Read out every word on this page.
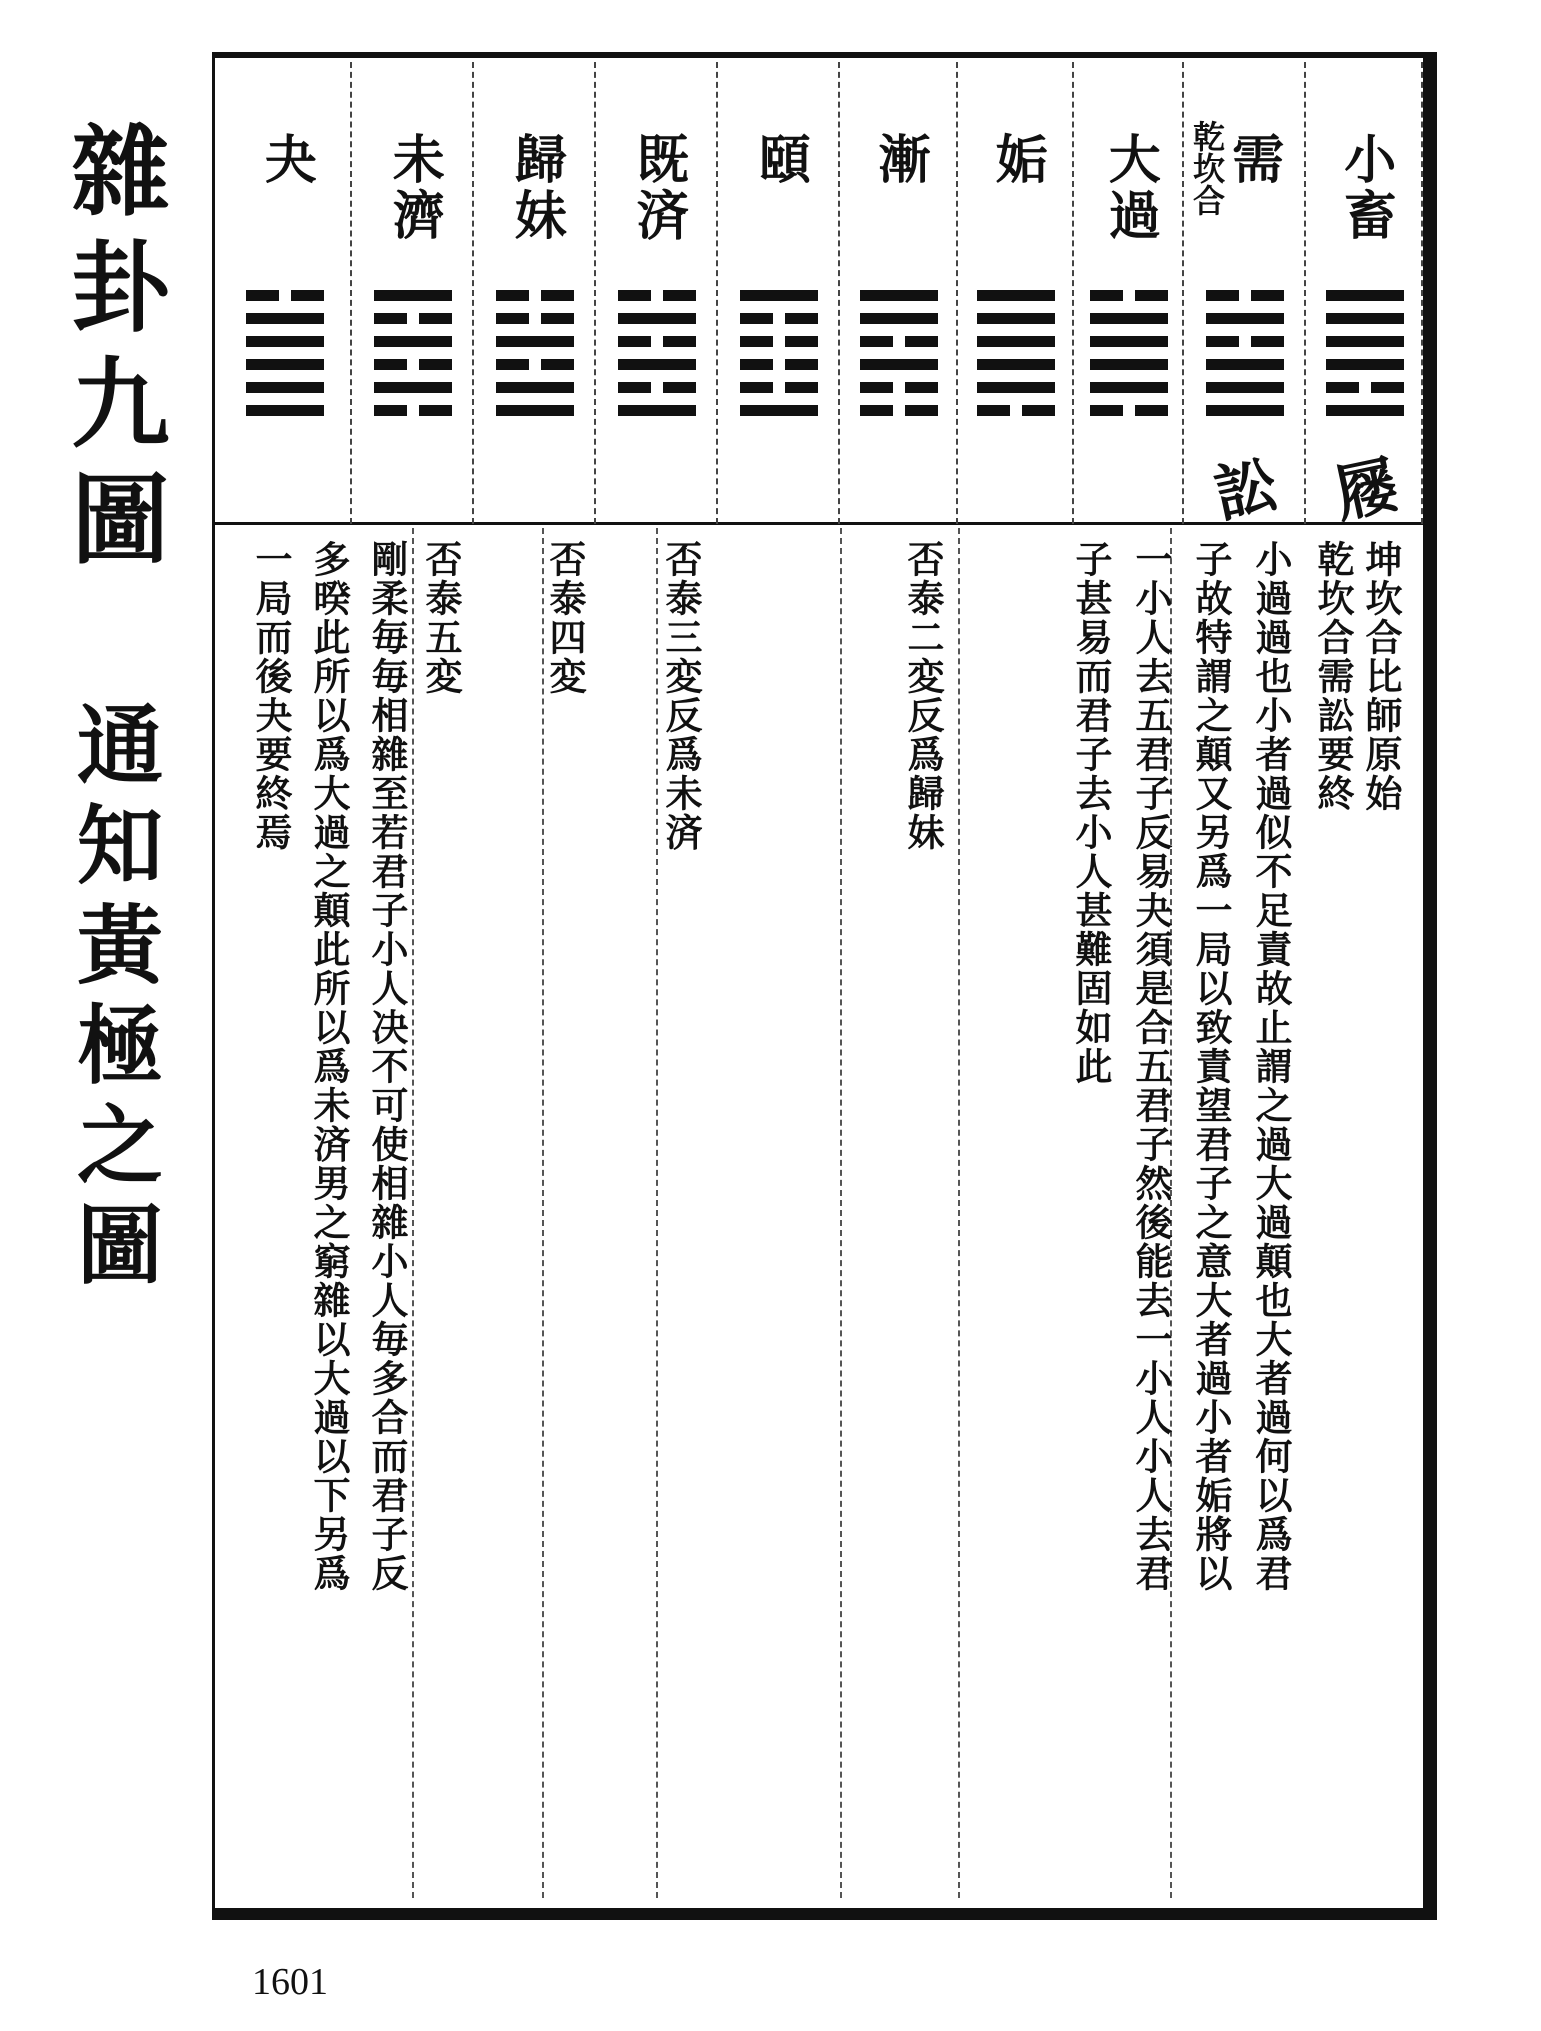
雜卦九圖
通知黃極之圖
小畜
屦
乾坎合
需
訟
大過
姤
漸
頤
既済
歸妹
未濟
夬
坤坎合比師原始
乾坎合需訟要終
小過過也小者過似不足責故止謂之過大過顛也大者過何以爲君
子故特謂之顛又另爲一局以致責望君子之意大者過小者姤將以
一小人去五君子反易夬須是合五君子然後能去一小人小人去君
子甚易而君子去小人甚難固如此
否泰二変反爲歸妹
否泰三変反爲未済
否泰四変
否泰五変
剛柔毎毎相雜至若君子小人决不可使相雜小人毎多合而君子反
多暌此所以爲大過之顛此所以爲未済男之窮雜以大過以下另爲
一局而後夬要終焉
1601
